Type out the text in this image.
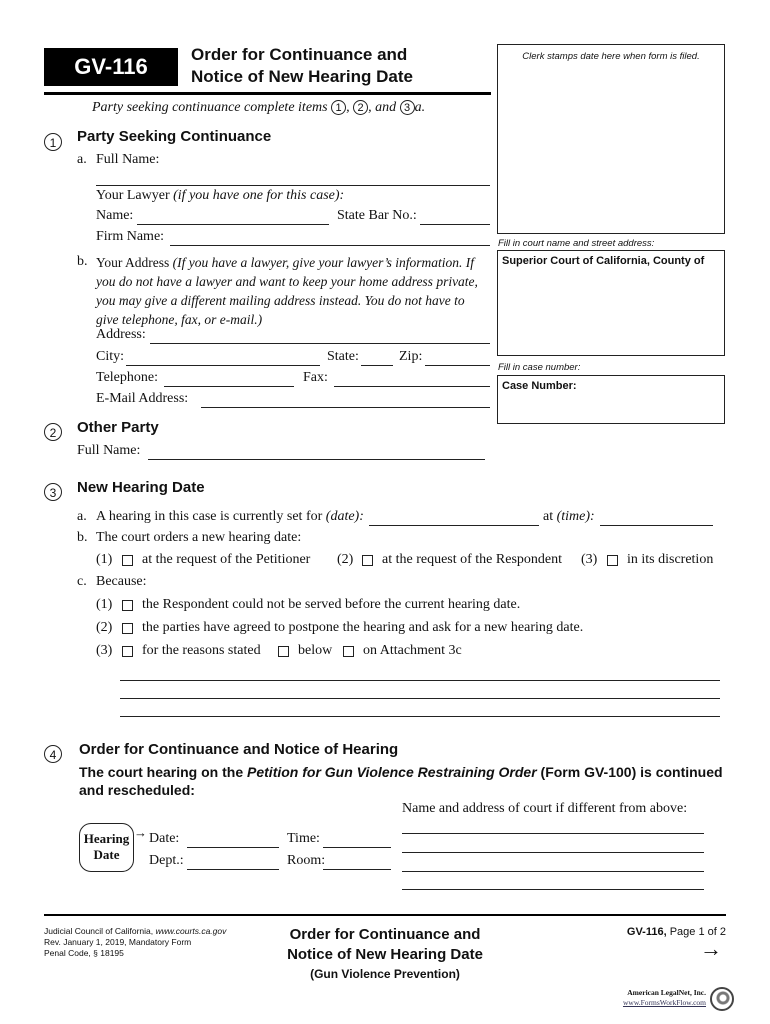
GV-116	Order for Continuance and
Notice of New Hearing Date
Clerk stamps date here when form is filed.
Party seeking continuance complete items 1 , 2 , and 3 a.
1	Party Seeking Continuance
a. Full Name:
Your Lawyer (if you have one for this case):
Name:	State Bar No.:
Firm Name:
b. Your Address (If you have a lawyer, give your lawyer’s information. If
you do not have a lawyer and want to keep your home address private,
you may give a different mailing address instead. You do not have to
give telephone, fax, or e-mail.)
Address:
City:	State:	Zip:
Telephone:	Fax:
E-Mail Address:
Fill in court name and street address:
Superior Court of California, County of
Fill in case number:
Case Number:
2	Other Party
Full Name:
3	New Hearing Date
a. A hearing in this case is currently set for (date):	at (time):
b. The court orders a new hearing date:
(1) at the request of the Petitioner (2) at the request of the Respondent (3) in its discretion
c. Because:
(1) the Respondent could not be served before the current hearing date.
(2) the parties have agreed to postpone the hearing and ask for a new hearing date.
(3) for the reasons stated	below on Attachment 3c
4	Order for Continuance and Notice of Hearing
The court hearing on the Petition for Gun Violence Restraining Order (Form GV-100) is continued
and rescheduled:
Name and address of court if different from above:
Hearing
Date
→ Date:	Time:
Dept.:	Room:
Judicial Council of California, www.courts.ca.gov
Rev. January 1, 2019, Mandatory Form
Penal Code, § 18195
Order for Continuance and
Notice of New Hearing Date
(Gun Violence Prevention)
GV-116, Page 1 of 2
→
American LegalNet, Inc.
www.FormsWorkFlow.com
